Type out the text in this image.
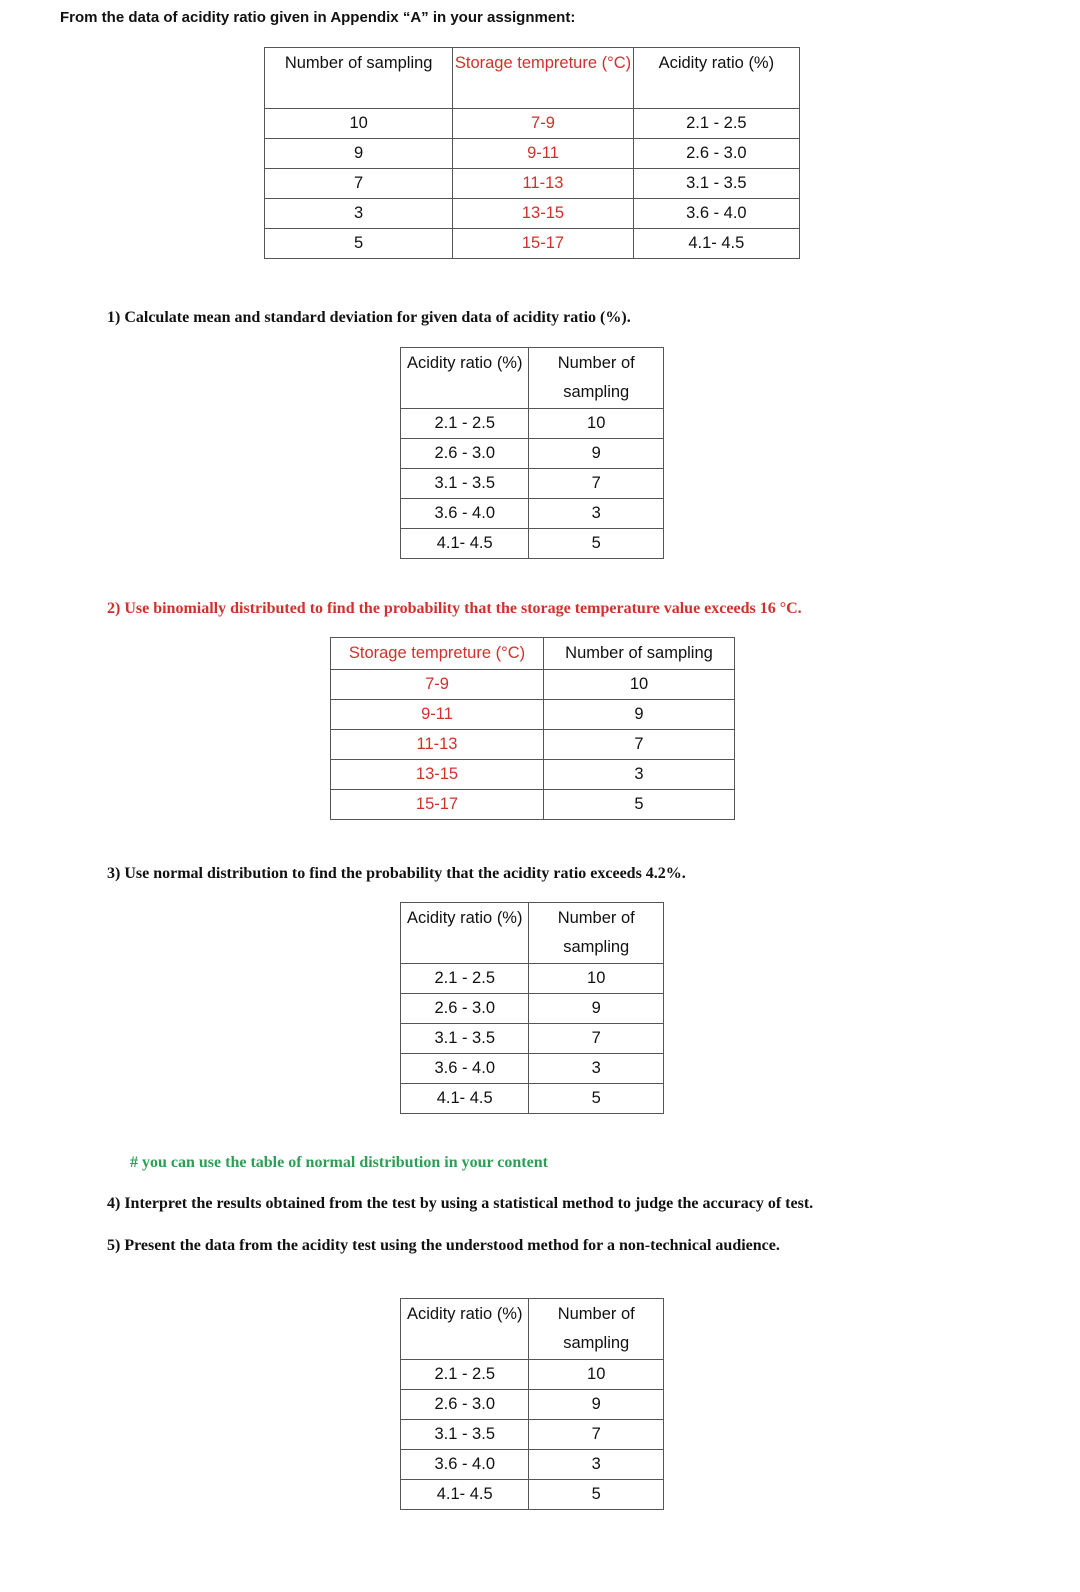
From the data of acidity ratio given in Appendix “A” in your assignment:
Number of sampling	Storage tempreture (°C)	Acidity ratio (%)
10	7-9	2.1 - 2.5
9	9-11	2.6 - 3.0
7	11-13	3.1 - 3.5
3	13-15	3.6 - 4.0
5	15-17	4.1- 4.5
1) Calculate mean and standard deviation for given data of acidity ratio (%).
Acidity ratio (%)	Number of sampling
2.1 - 2.5	10
2.6 - 3.0	9
3.1 - 3.5	7
3.6 - 4.0	3
4.1- 4.5	5
2) Use binomially distributed to find the probability that the storage temperature value exceeds 16 °C.
Storage tempreture (°C)	Number of sampling
7-9	10
9-11	9
11-13	7
13-15	3
15-17	5
3) Use normal distribution to find the probability that the acidity ratio exceeds 4.2%.
Acidity ratio (%)	Number of sampling
2.1 - 2.5	10
2.6 - 3.0	9
3.1 - 3.5	7
3.6 - 4.0	3
4.1- 4.5	5
# you can use the table of normal distribution in your content
4) Interpret the results obtained from the test by using a statistical method to judge the accuracy of test.
5) Present the data from the acidity test using the understood method for a non-technical audience.
Acidity ratio (%)	Number of sampling
2.1 - 2.5	10
2.6 - 3.0	9
3.1 - 3.5	7
3.6 - 4.0	3
4.1- 4.5	5
